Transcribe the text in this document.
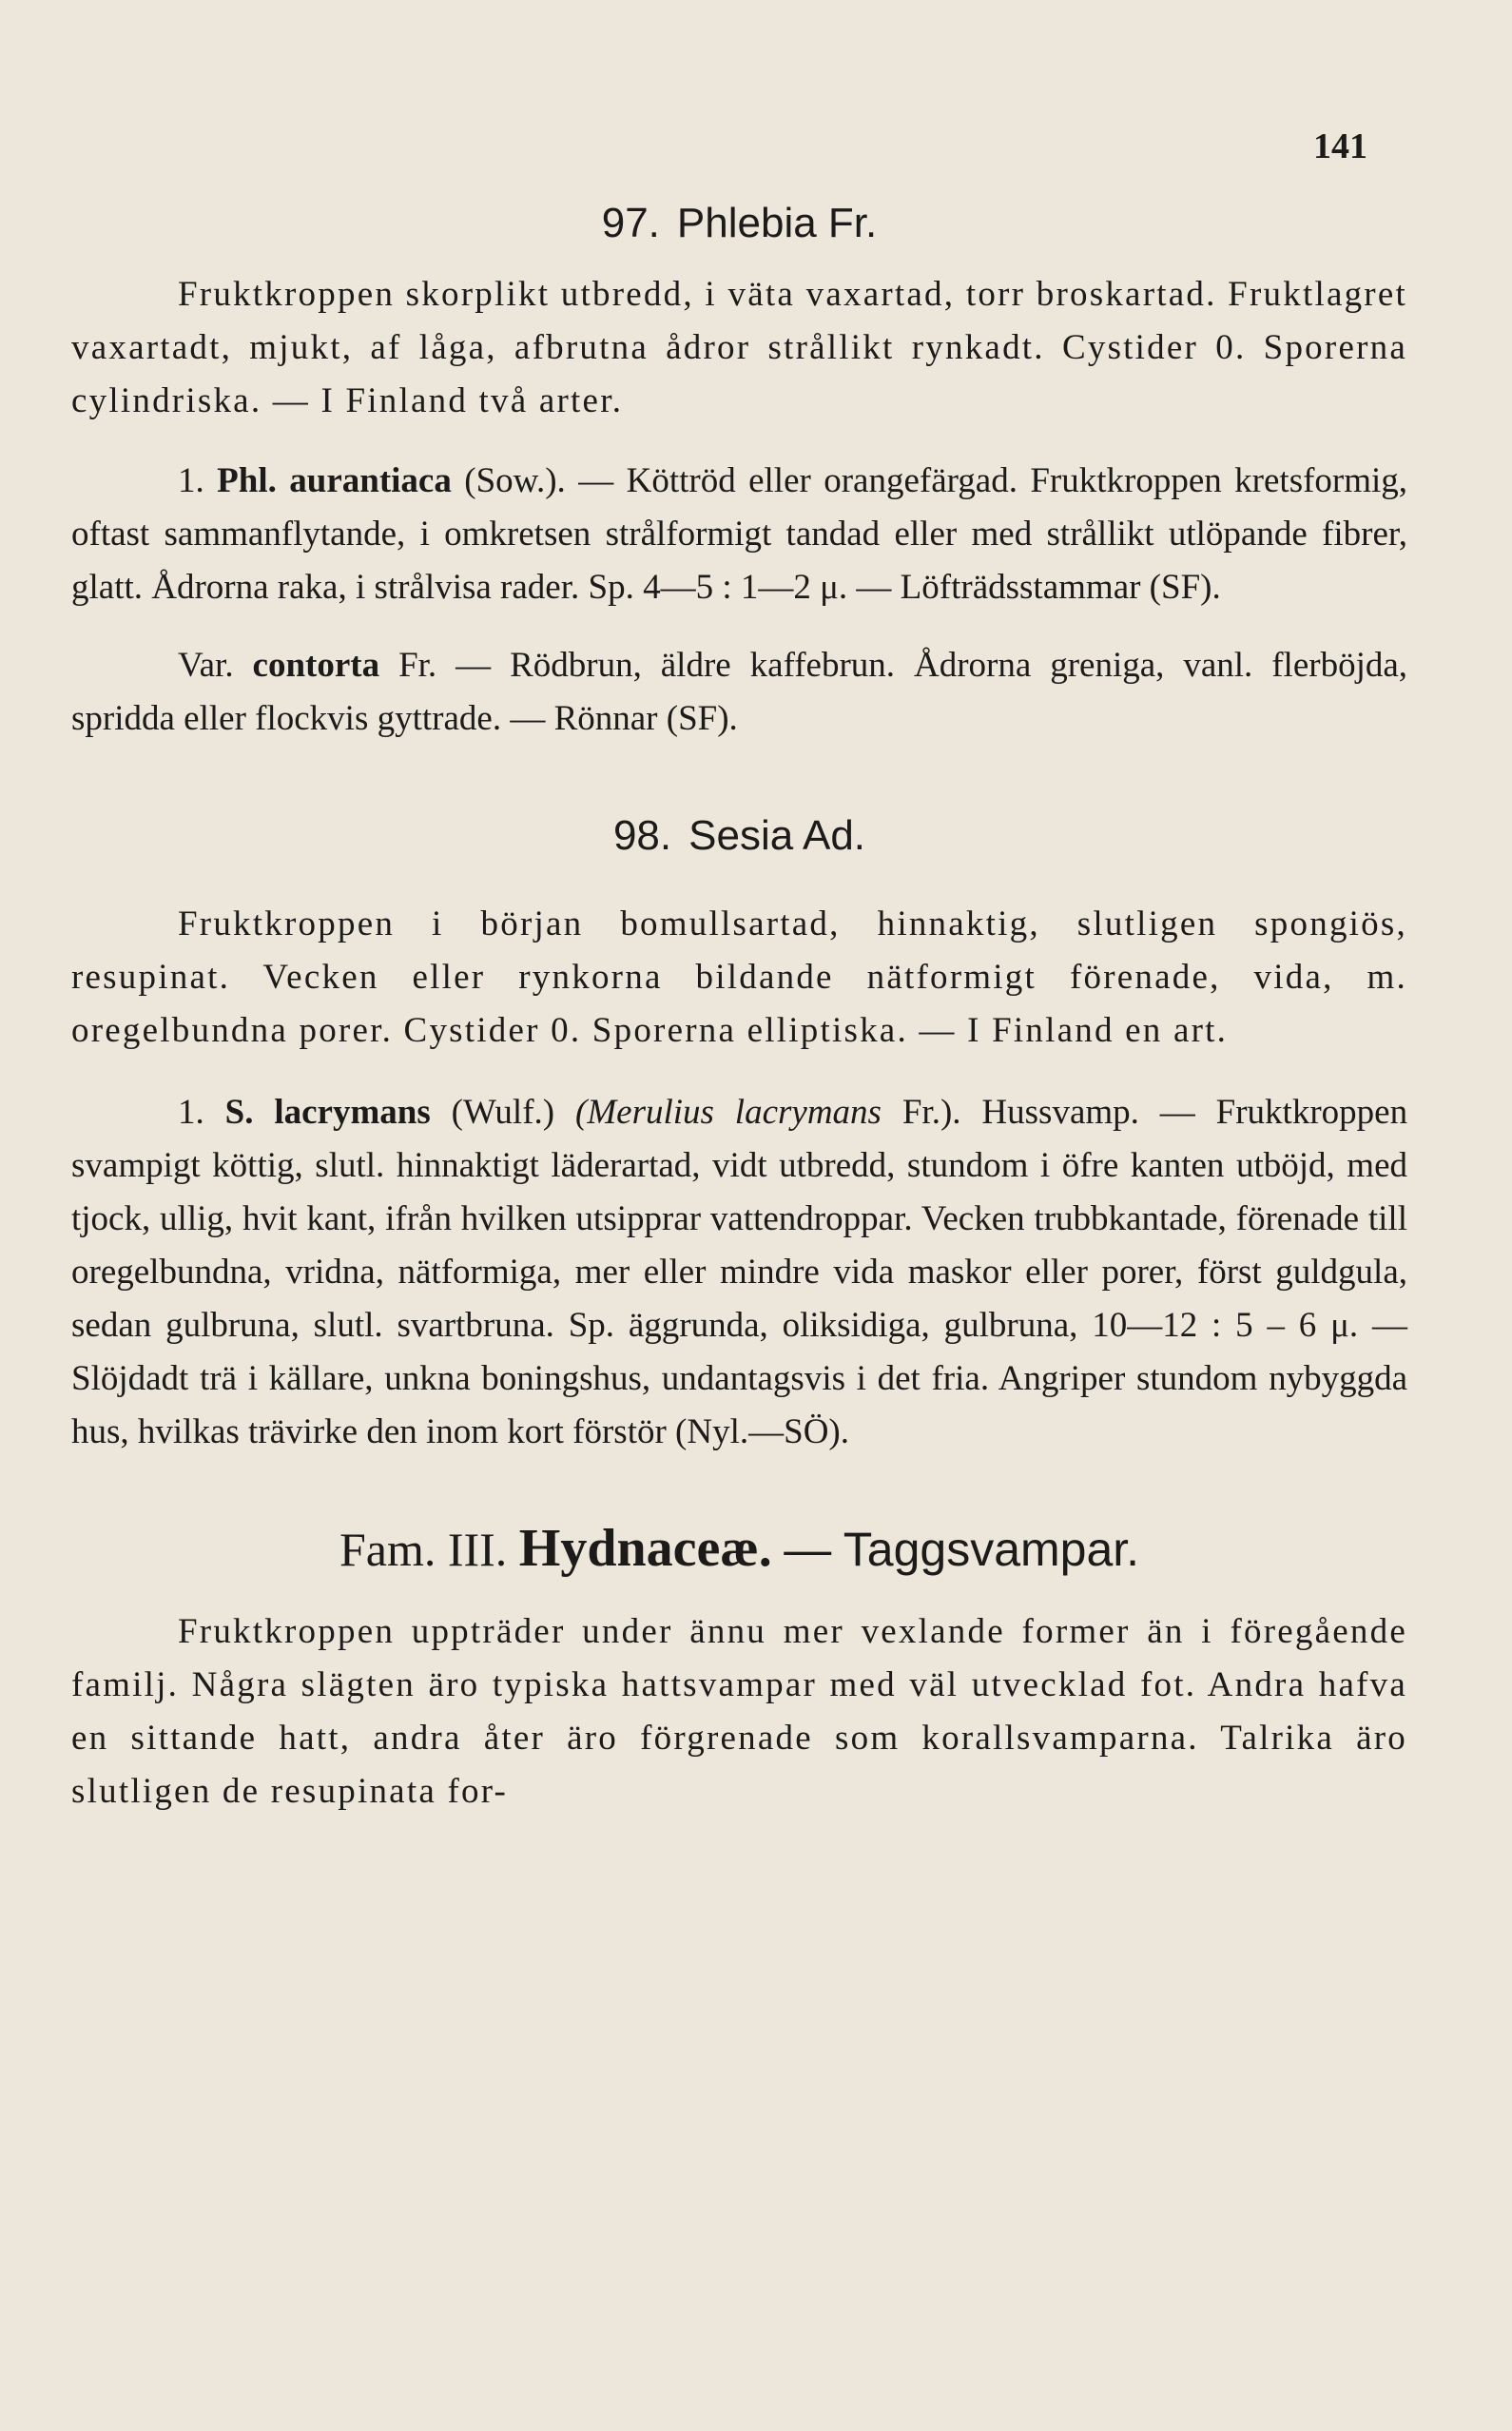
141
97. Phlebia Fr.

Fruktkroppen skorplikt utbredd, i väta vaxartad, torr broskartad. Fruktlagret vaxartadt, mjukt, af låga, afbrutna ådror strållikt rynkadt. Cystider 0. Sporerna cylindriska. — I Finland två arter.

1. Phl. aurantiaca (Sow.). — Köttröd eller orangefärgad. Fruktkroppen kretsformig, oftast sammanflytande, i omkretsen strålformigt tandad eller med strållikt utlöpande fibrer, glatt. Ådrorna raka, i strålvisa rader. Sp. 4—5 : 1—2 μ. — Löfträdsstammar (SF).

Var. contorta Fr. — Rödbrun, äldre kaffebrun. Ådrorna greniga, vanl. flerböjda, spridda eller flockvis gyttrade. — Rönnar (SF).

98. Sesia Ad.

Fruktkroppen i början bomullsartad, hinnaktig, slutligen spongiös, resupinat. Vecken eller rynkorna bildande nätformigt förenade, vida, m. oregelbundna porer. Cystider 0. Sporerna elliptiska. — I Finland en art.

1. S. lacrymans (Wulf.) (Merulius lacrymans Fr.). Hussvamp. — Fruktkroppen svampigt köttig, slutl. hinnaktigt läderartad, vidt utbredd, stundom i öfre kanten utböjd, med tjock, ullig, hvit kant, ifrån hvilken utsipprar vattendroppar. Vecken trubbkantade, förenade till oregelbundna, vridna, nätformiga, mer eller mindre vida maskor eller porer, först guldgula, sedan gulbruna, slutl. svartbruna. Sp. äggrunda, oliksidiga, gulbruna, 10—12 : 5 – 6 μ. — Slöjdadt trä i källare, unkna boningshus, undantagsvis i det fria. Angriper stundom nybyggda hus, hvilkas trävirke den inom kort förstör (Nyl.—SÖ).

Fam. III. Hydnaceæ. — Taggsvampar.

Fruktkroppen uppträder under ännu mer vexlande former än i föregående familj. Några slägten äro typiska hattsvampar med väl utvecklad fot. Andra hafva en sittande hatt, andra åter äro förgrenade som korallsvamparna. Talrika äro slutligen de resupinata for-
